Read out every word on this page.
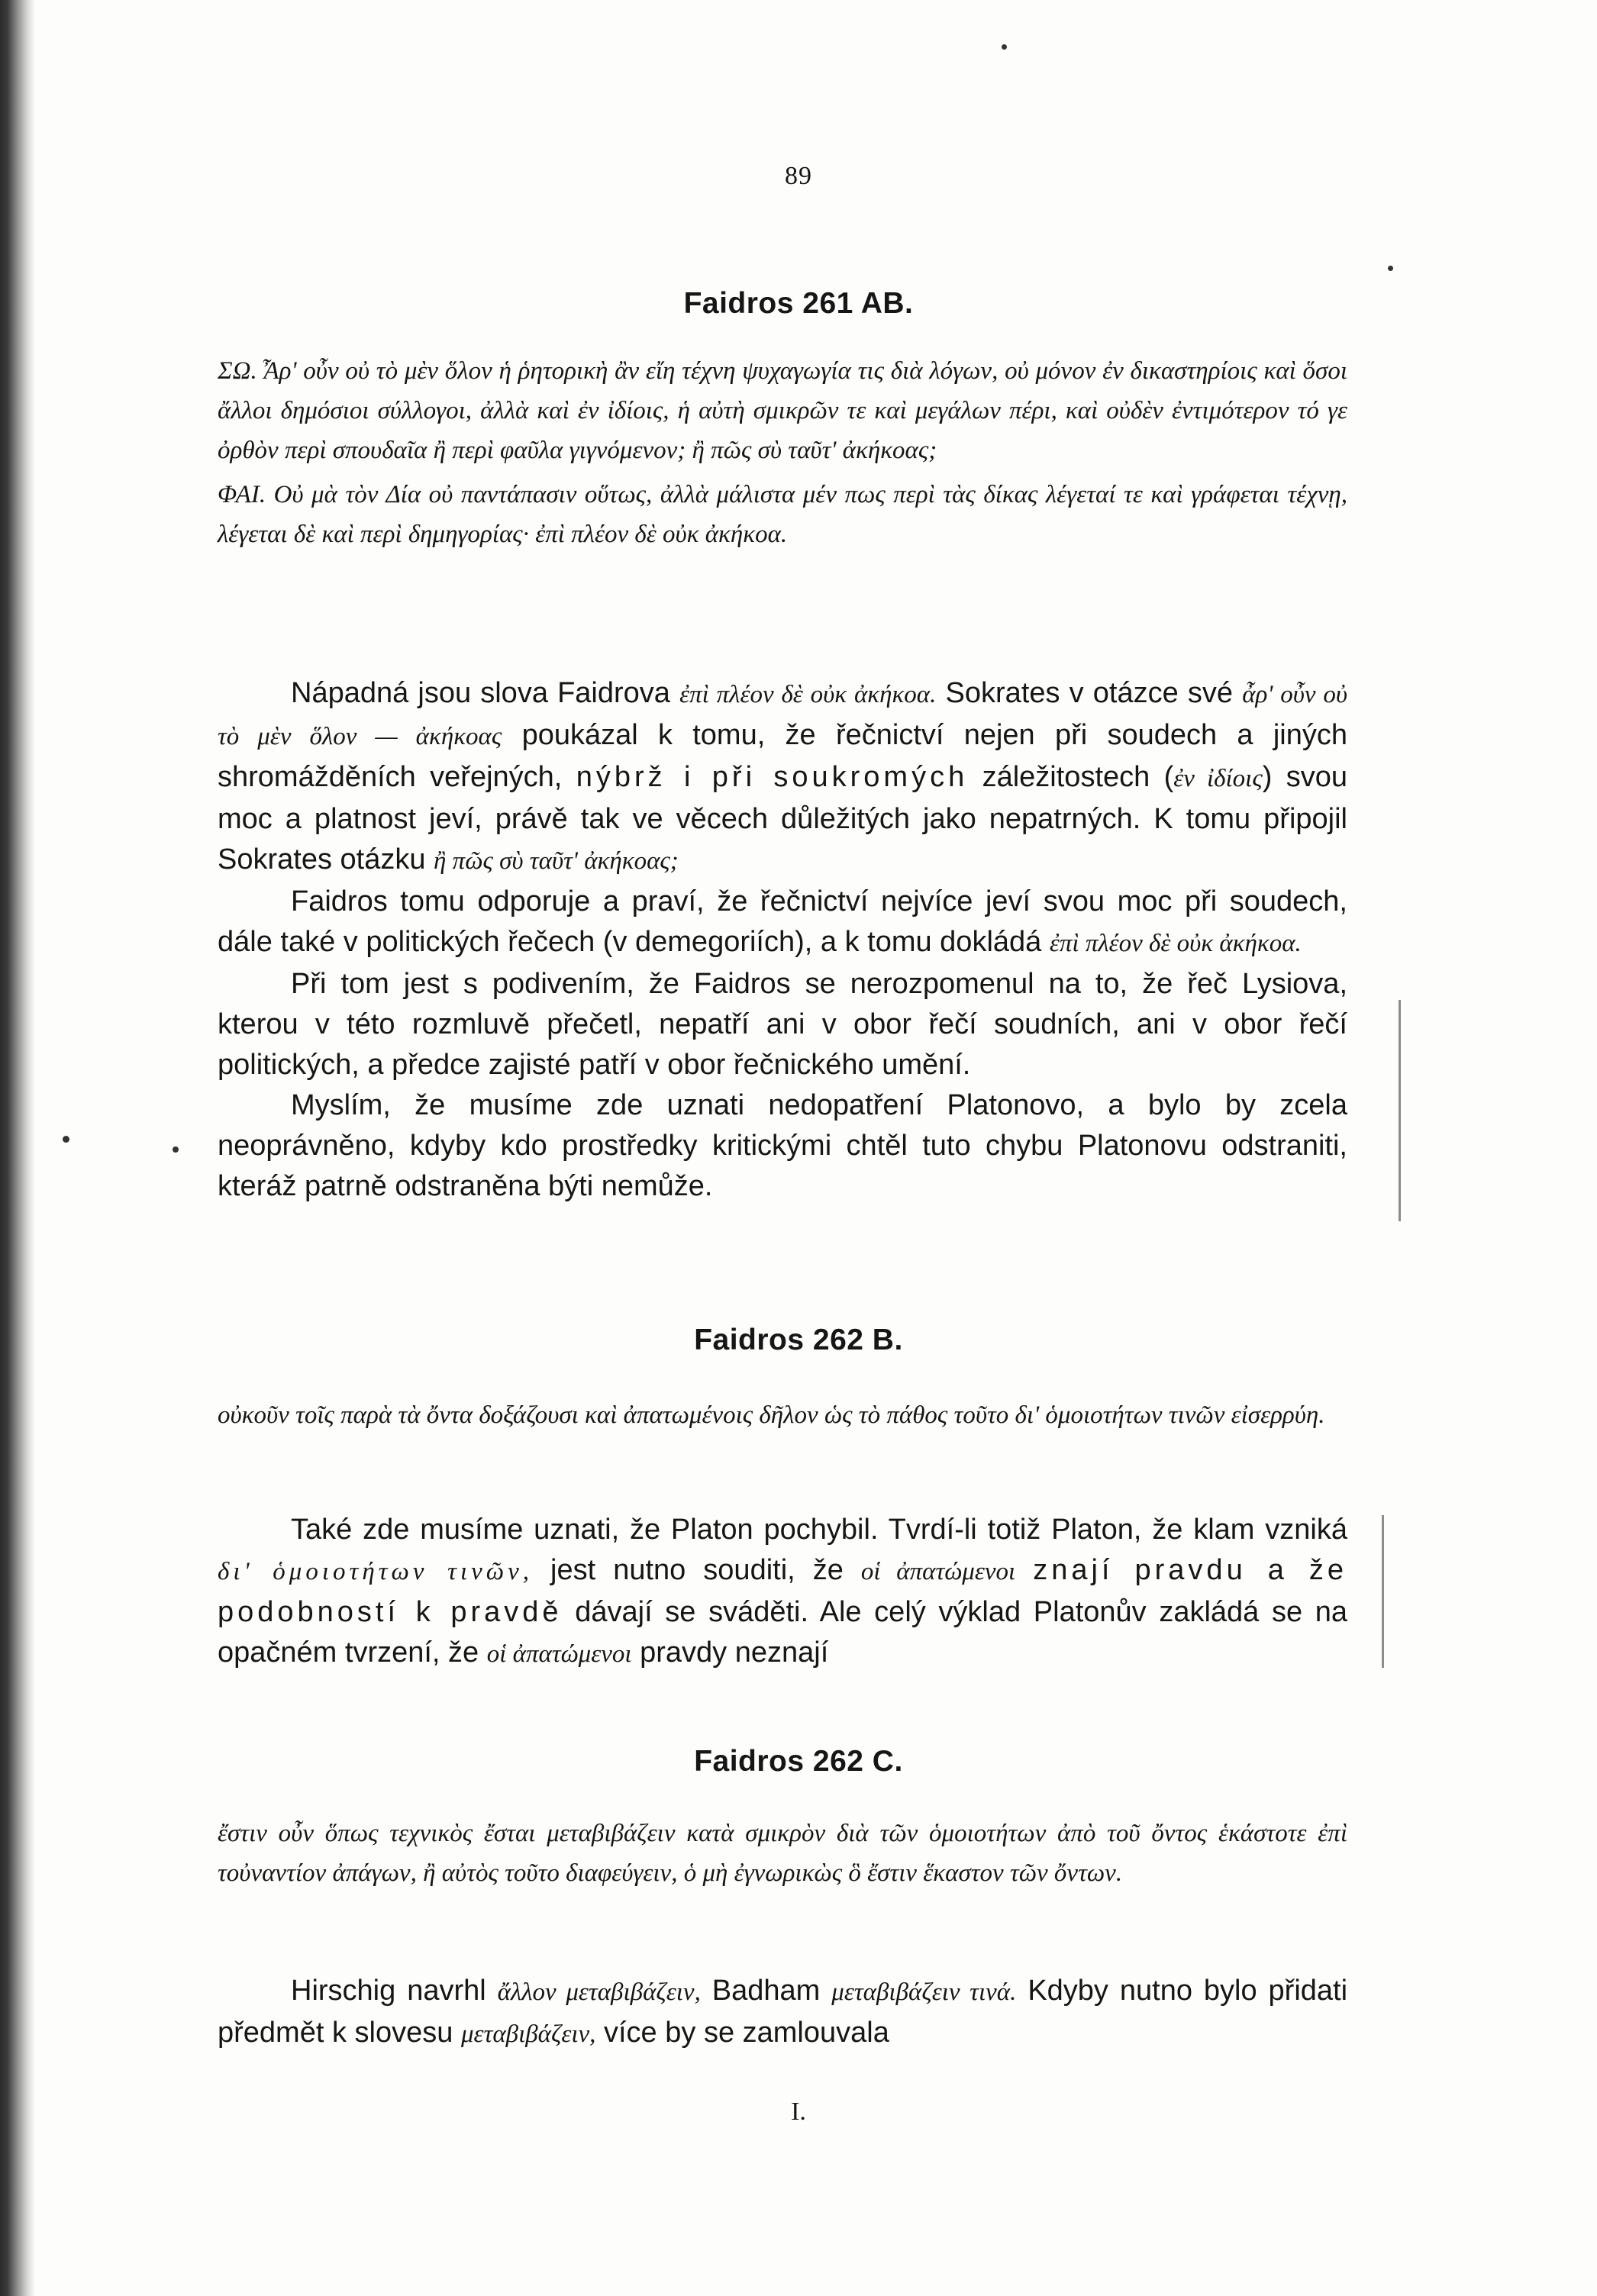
89
Faidros 261 AB.

ΣΩ. Ἆρ' οὖν οὐ τὸ μὲν ὅλον ἡ ῥητορικὴ ἂν εἴη τέχνη ψυχαγωγία τις διὰ λόγων, οὐ μόνον ἐν δικαστηρίοις καὶ ὅσοι ἄλλοι δημόσιοι σύλλογοι, ἀλλὰ καὶ ἐν ἰδίοις, ἡ αὐτὴ σμικρῶν τε καὶ μεγάλων πέρι, καὶ οὐδὲν ἐντιμότερον τό γε ὀρθὸν περὶ σπουδαῖα ἢ περὶ φαῦλα γιγνόμενον; ἢ πῶς σὺ ταῦτ' ἀκήκοας;

ΦΑΙ. Οὐ μὰ τὸν Δία οὐ παντάπασιν οὕτως, ἀλλὰ μάλιστα μέν πως περὶ τὰς δίκας λέγεταί τε καὶ γράφεται τέχνῃ, λέγεται δὲ καὶ περὶ δημηγορίας· ἐπὶ πλέον δὲ οὐκ ἀκήκοα.

Nápadná jsou slova Faidrova ἐπὶ πλέον δὲ οὐκ ἀκήκοα. Sokrates v otázce své ἆρ' οὖν οὐ τὸ μὲν ὅλον — ἀκήκοας poukázal k tomu, že řečnictví nejen při soudech a jiných shromážděních veřejných, nýbrž i při soukromých záležitostech (ἐν ἰδίοις) svou moc a platnost jeví, právě tak ve věcech důležitých jako nepatrných. K tomu připojil Sokrates otázku ἢ πῶς σὺ ταῦτ' ἀκήκοας;

Faidros tomu odporuje a praví, že řečnictví nejvíce jeví svou moc při soudech, dále také v politických řečech (v demegoriích), a k tomu dokládá ἐπὶ πλέον δὲ οὐκ ἀκήκοα.

Při tom jest s podivením, že Faidros se nerozpomenul na to, že řeč Lysiova, kterou v této rozmluvě přečetl, nepatří ani v obor řečí soudních, ani v obor řečí politických, a předce zajisté patří v obor řečnického umění.

Myslím, že musíme zde uznati nedopatření Platonovo, a bylo by zcela neoprávněno, kdyby kdo prostředky kritickými chtěl tuto chybu Platonovu odstraniti, kteráž patrně odstraněna býti nemůže.

Faidros 262 B.

οὐκοῦν τοῖς παρὰ τὰ ὄντα δοξάζουσι καὶ ἀπατωμένοις δῆλον ὡς τὸ πάθος τοῦτο δι' ὁμοιοτήτων τινῶν εἰσερρύη.

Také zde musíme uznati, že Platon pochybil. Tvrdí-li totiž Platon, že klam vzniká δι' ὁμοιοτήτων τινῶν, jest nutno souditi, že οἱ ἀπατώμενοι znají pravdu a že podobností k pravdě dávají se sváděti. Ale celý výklad Platonův zakládá se na opačném tvrzení, že οἱ ἀπατώμενοι pravdy neznají

Faidros 262 C.

ἔστιν οὖν ὅπως τεχνικὸς ἔσται μεταβιβάζειν κατὰ σμικρὸν διὰ τῶν ὁμοιοτήτων ἀπὸ τοῦ ὄντος ἑκάστοτε ἐπὶ τοὐναντίον ἀπάγων, ἢ αὐτὸς τοῦτο διαφεύγειν, ὁ μὴ ἐγνωρικὼς ὃ ἔστιν ἕκαστον τῶν ὄντων.

Hirschig navrhl ἄλλον μεταβιβάζειν, Badham μεταβιβάζειν τινά. Kdyby nutno bylo přidati předmět k slovesu μεταβιβάζειν, více by se zamlouvala

I.
